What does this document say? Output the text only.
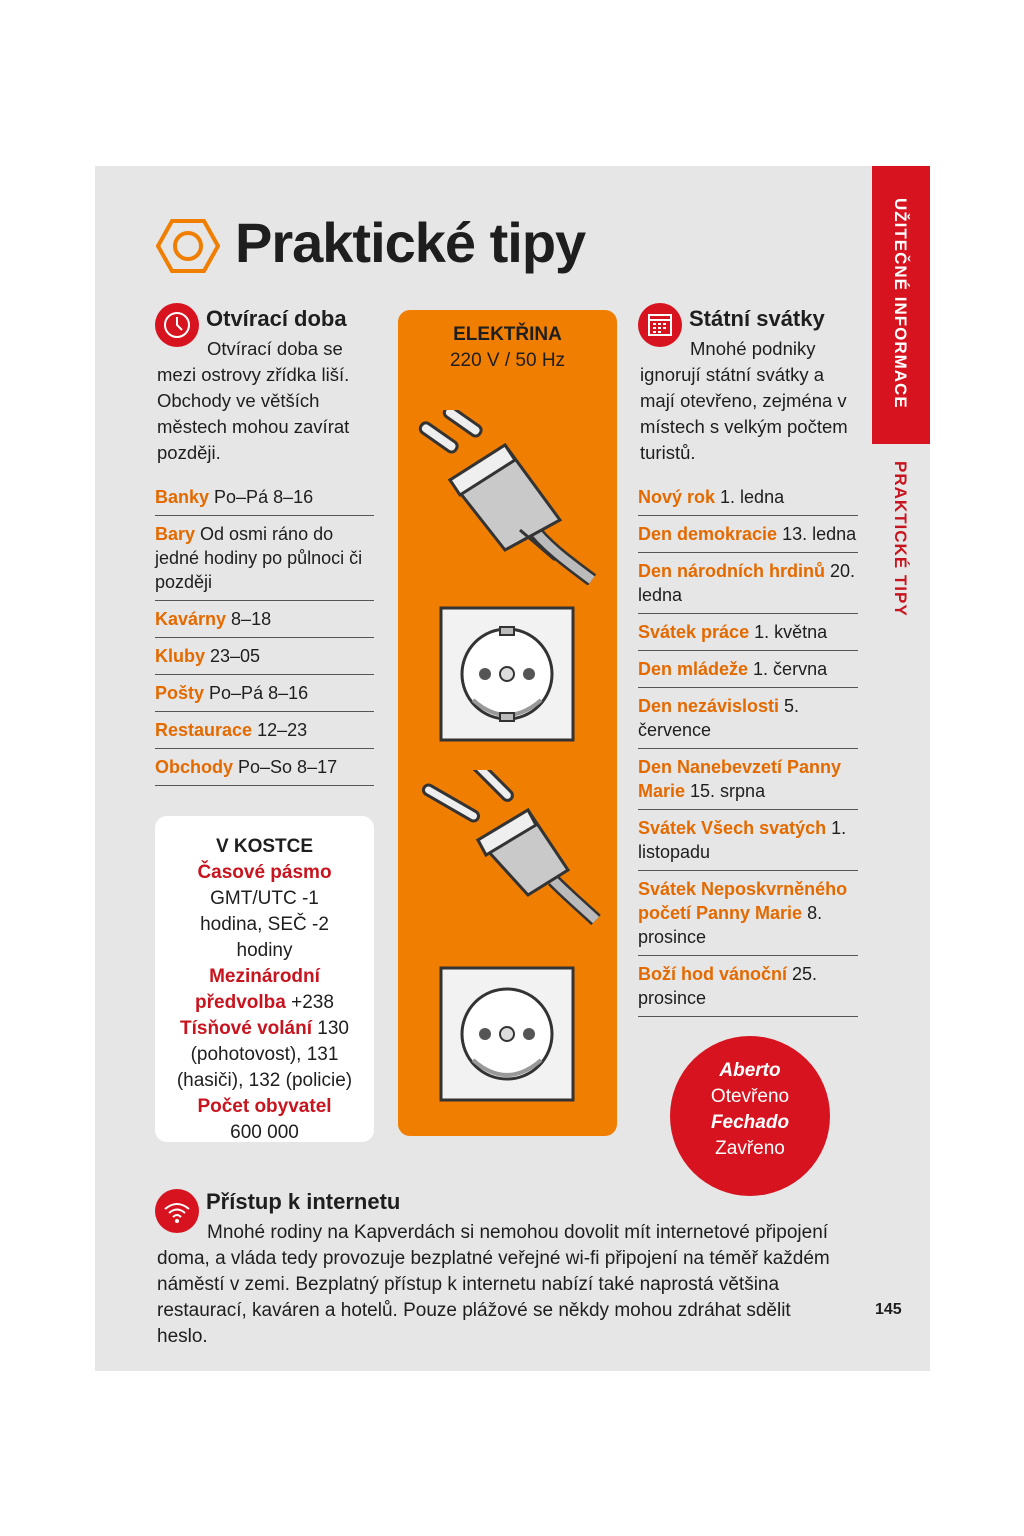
Praktické tipy
Otvírací doba
Otvírací doba se mezi ostrovy zřídka liší. Obchody ve větších městech mohou zavírat později.
Banky Po–Pá 8–16
Bary Od osmi ráno do jedné hodiny po půlnoci či později
Kavárny 8–18
Kluby 23–05
Pošty Po–Pá 8–16
Restaurace 12–23
Obchody Po–So 8–17
V KOSTCE
Časové pásmo
GMT/UTC -1 hodina, SEČ -2 hodiny
Mezinárodní předvolba +238
Tísňové volání 130 (pohotovost), 131 (hasiči), 132 (policie)
Počet obyvatel
600 000
ELEKTŘINA
220 V / 50 Hz
Státní svátky
Mnohé podniky ignorují státní svátky a mají otevřeno, zejména v místech s velkým počtem turistů.
Nový rok 1. ledna
Den demokracie 13. ledna
Den národních hrdinů 20. ledna
Svátek práce 1. května
Den mládeže 1. června
Den nezávislosti 5. července
Den Nanebevzetí Panny Marie 15. srpna
Svátek Všech svatých 1. listopadu
Svátek Neposkvrněného početí Panny Marie 8. prosince
Boží hod vánoční 25. prosince
Aberto
Otevřeno
Fechado
Zavřeno
Přístup k internetu
Mnohé rodiny na Kapverdách si nemohou dovolit mít internetové připojení doma, a vláda tedy provozuje bezplatné veřejné wi-fi připojení na téměř každém náměstí v zemi. Bezplatný přístup k internetu nabízí také naprostá většina restaurací, kaváren a hotelů. Pouze plážové se někdy mohou zdráhat sdělit heslo.
UŽITEČNÉ INFORMACE
PRAKTICKÉ TIPY
145
